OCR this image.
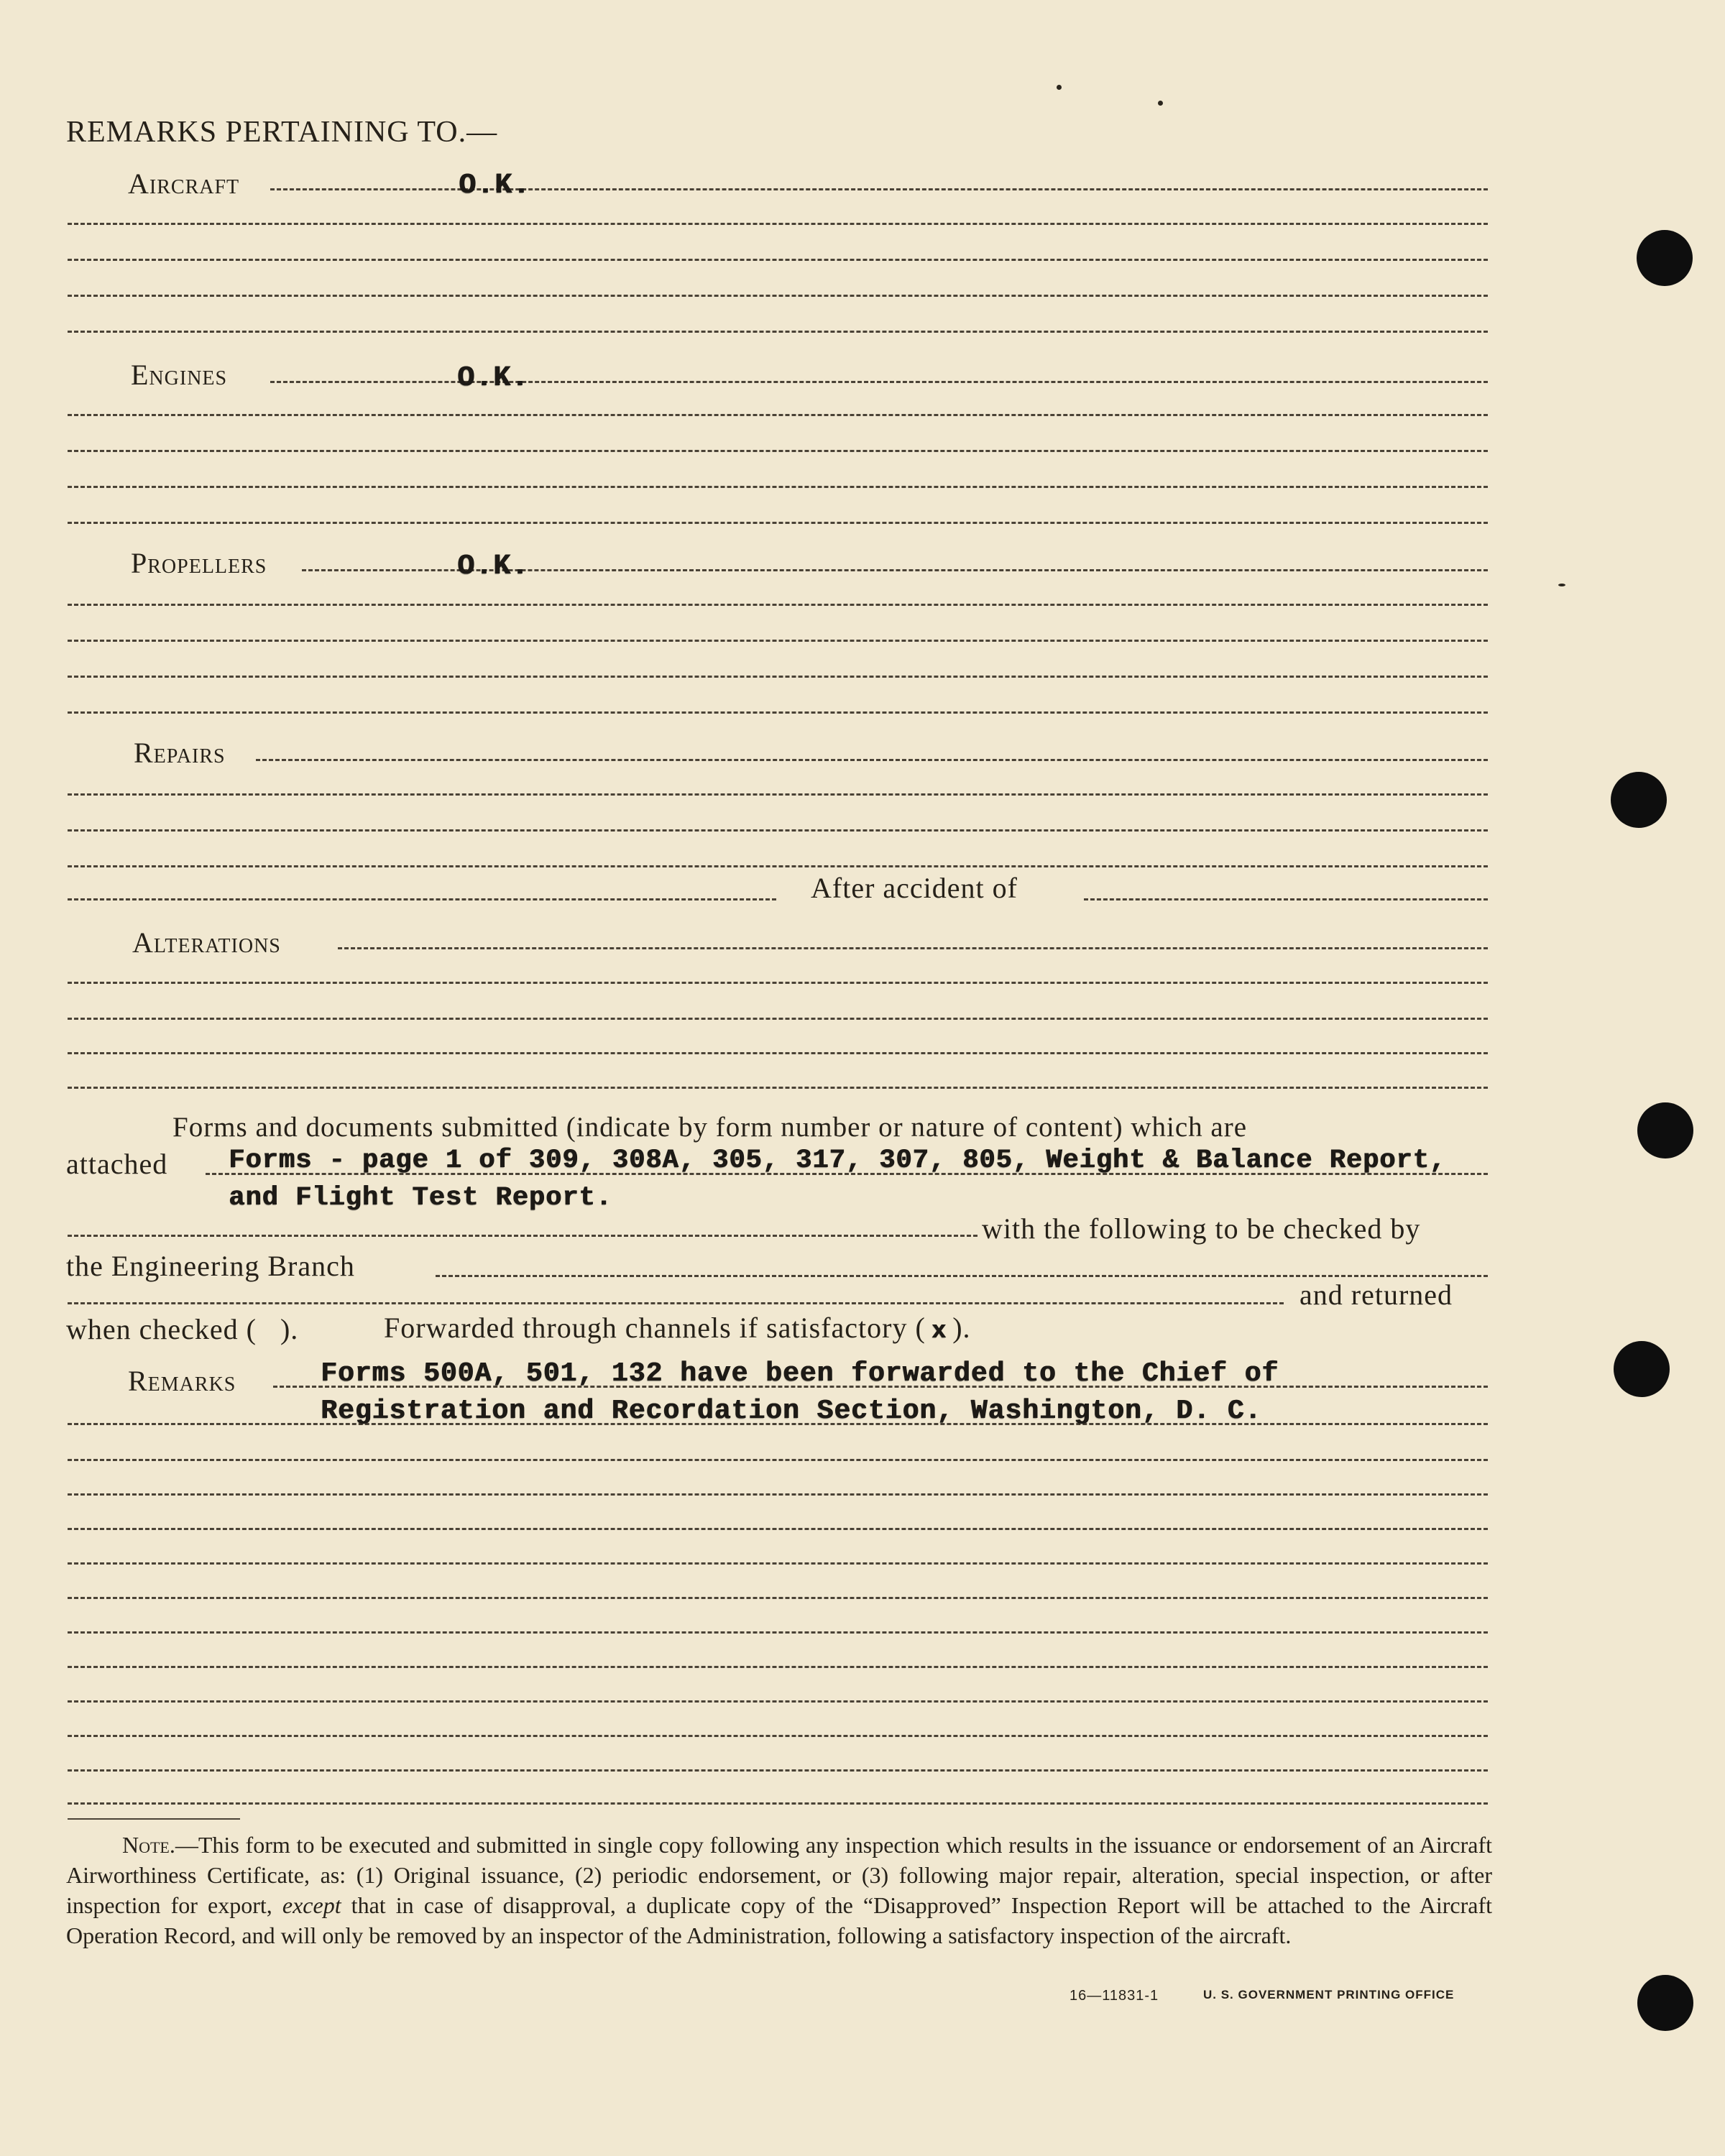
REMARKS PERTAINING TO.—
Aircraft	O.K.
Engines	O.K.
Propellers	O.K.
Repairs
After accident of
Alterations
Forms and documents submitted (indicate by form number or nature of content) which are
attached Forms - page 1 of 309, 308A, 305, 317, 307, 805, Weight & Balance Report,
and Flight Test Report.
with the following to be checked by
the Engineering Branch
and returned
when checked (   ).	Forwarded through channels if satisfactory ( x ).
Remarks	Forms 500A, 501, 132 have been forwarded to the Chief of
Registration and Recordation Section, Washington, D. C.
Note.—This form to be executed and submitted in single copy following any inspection which results in the issuance or endorsement of an Aircraft Airworthiness Certificate, as: (1) Original issuance, (2) periodic endorsement, or (3) following major repair, alteration, special inspection, or after inspection for export, except that in case of disapproval, a duplicate copy of the “Disapproved” Inspection Report will be attached to the Aircraft Operation Record, and will only be removed by an inspector of the Administration, following a satisfactory inspection of the aircraft.
16—11831-1	U. S. GOVERNMENT PRINTING OFFICE
